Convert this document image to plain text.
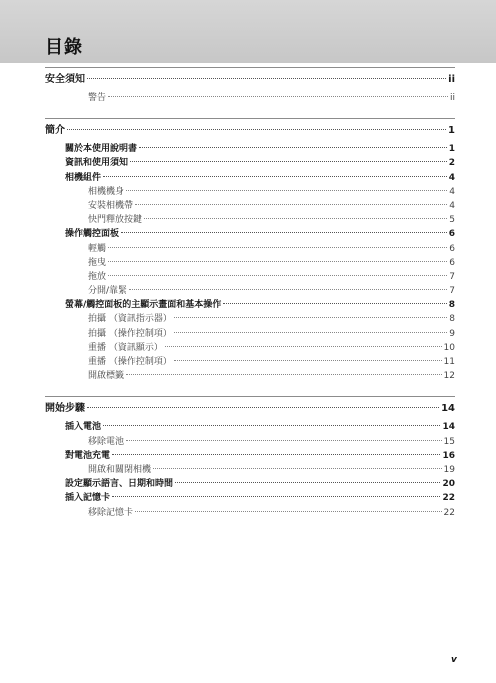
目錄
安全須知	ii
警告	ii
簡介	1
關於本使用說明書	1
資訊和使用須知	2
相機組件	4
相機機身	4
安裝相機帶	4
快門釋放按鍵	5
操作觸控面板	6
輕觸	6
拖曳	6
拖放	7
分開/靠緊	7
螢幕/觸控面板的主顯示畫面和基本操作	8
拍攝 （資訊指示器）	8
拍攝 （操作控制項）	9
重播 （資訊顯示）	10
重播 （操作控制項）	11
開啟標籤	12
開始步驟	14
插入電池	14
移除電池	15
對電池充電	16
開啟和關閉相機	19
設定顯示語言、日期和時間	20
插入記憶卡	22
移除記憶卡	22
v
